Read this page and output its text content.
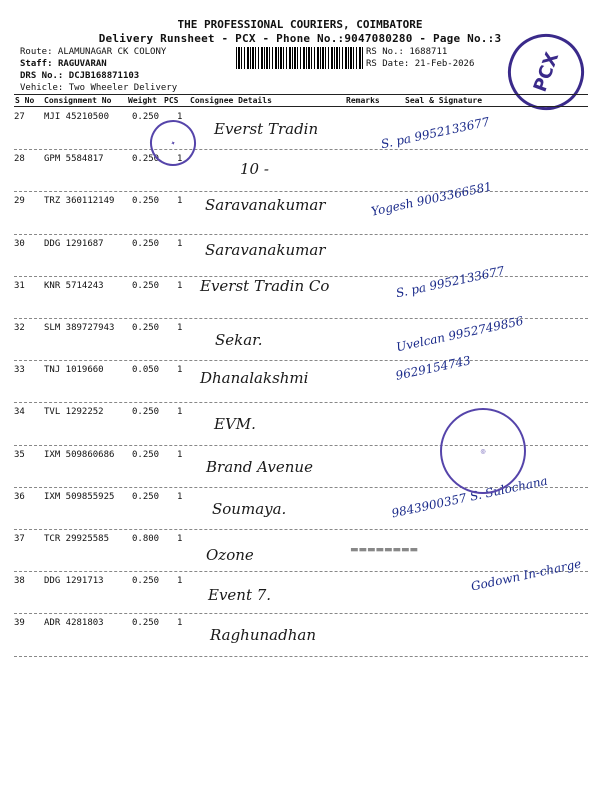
THE PROFESSIONAL COURIERS, COIMBATORE
Delivery Runsheet - PCX - Phone No.:9047080280 - Page No.:3
Route: ALAMUNAGAR CK COLONY
Staff: RAGUVARAN
DRS No.: DCJB168871103
Vehicle: Two Wheeler Delivery
RS No.: 1688711
RS Date: 21-Feb-2026	PCX
S No Consignment No Weight PCS Consignee Details	Remarks	Seal & Signature
27 MJI 45210500	0.250 1
Everst Tradin	S. pa 9952133677
28 GPM 5584817	0.250 1
10 -
29 TRZ 360112149 0.250 1 Saravanakumar	Yogesh 9003366581
30 DDG 1291687	0.250 1 Saravanakumar
31 KNR 5714243	0.250 1 Everst Tradin Co	S. pa 9952133677
32 SLM 389727943 0.250 1
Sekar.	Uvelcan 9952749856
33 TNJ 1019660	0.050 1 Dhanalakshmi	9629154743
34 TVL 1292252	0.250 1
EVM.
35 IXM 509860686 0.250 1
Brand Avenue
36 IXM 509855925 0.250 1
Soumaya.	9843900357 S. Sulochana
37 TCR 29925585	0.800 1
Ozone
38 DDG 1291713	0.250 1
Event 7.
Godown In-charge
39 ADR 4281803	0.250 1
Raghunadhan
✦
◎
▬▬▬▬▬▬▬▬
